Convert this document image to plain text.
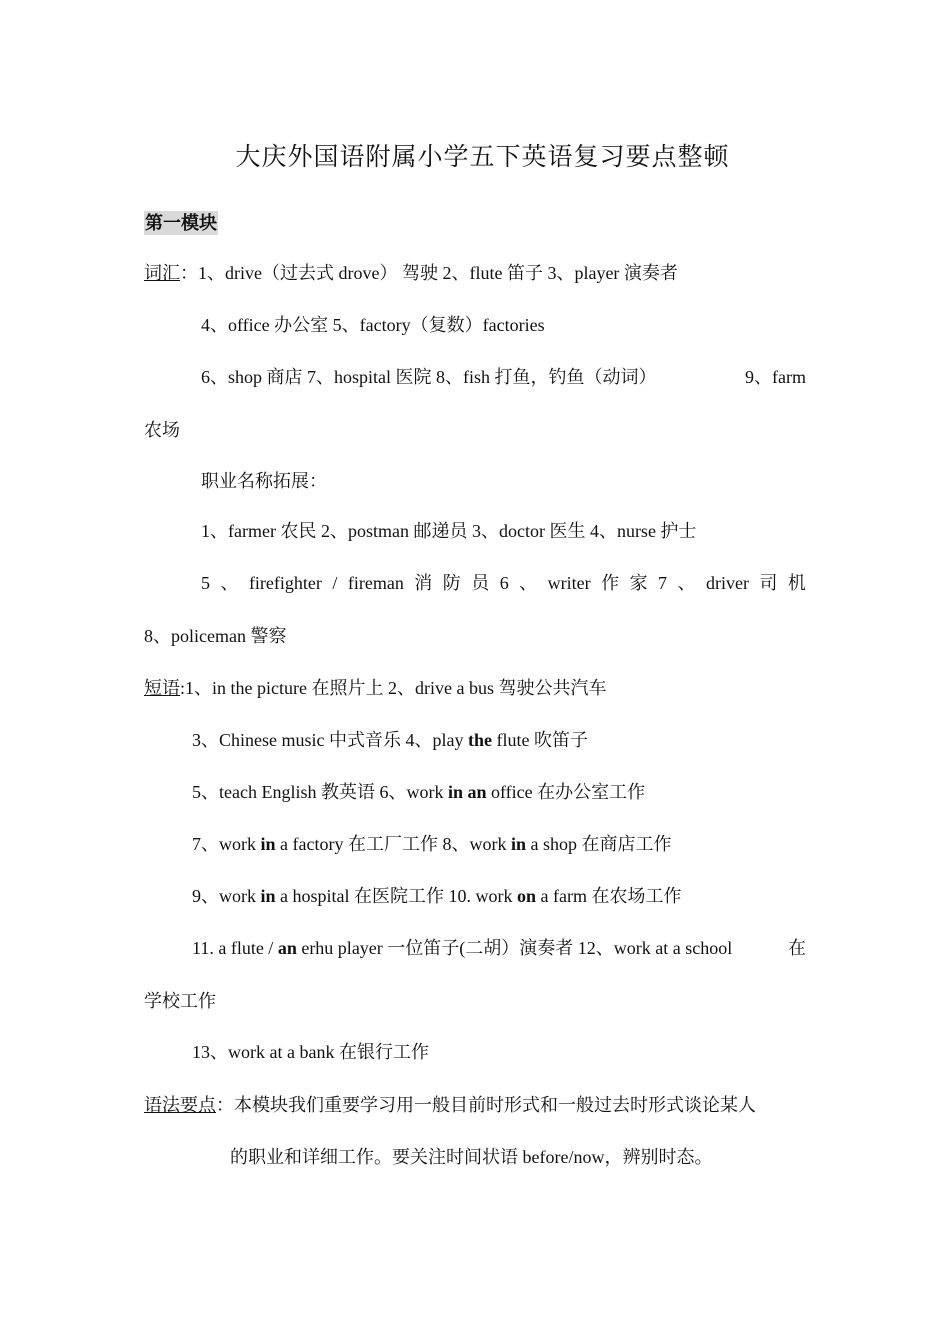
大庆外国语附属小学五下英语复习要点整顿
第一模块
词汇：1、drive（过去式 drove） 驾驶 2、flute 笛子 3、player 演奏者
4、office 办公室 5、factory（复数）factories
6、shop 商店 7、hospital 医院 8、fish 打鱼，钓鱼（动词）	9、farm
农场
职业名称拓展：
1、farmer 农民 2、postman 邮递员 3、doctor 医生 4、nurse 护士
5 、 firefighter / fireman 消 防 员 6 、 writer 作 家 7 、 driver 司 机
8、policeman 警察
短语:1、in the picture 在照片上 2、drive a bus 驾驶公共汽车
3、Chinese music 中式音乐 4、play the flute 吹笛子
5、teach English 教英语 6、work in an office 在办公室工作
7、work in a factory 在工厂工作 8、work in a shop 在商店工作
9、work in a hospital 在医院工作 10. work on a farm 在农场工作
11. a flute / an erhu player 一位笛子(二胡）演奏者 12、work at a school	在
学校工作
13、work at a bank 在银行工作
语法要点：本模块我们重要学习用一般目前时形式和一般过去时形式谈论某人
的职业和详细工作。要关注时间状语 before/now，辨别时态。
